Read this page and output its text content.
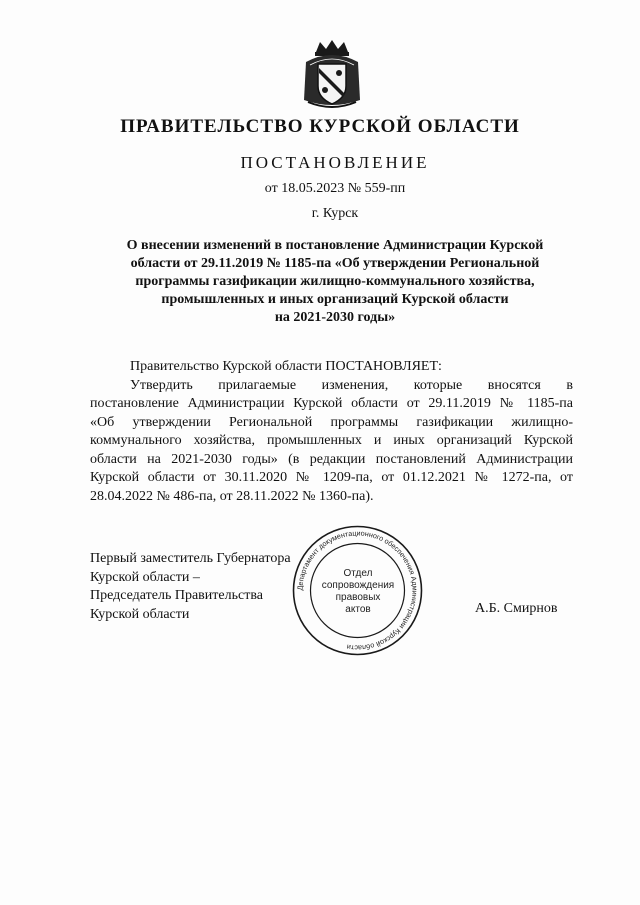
ПРАВИТЕЛЬСТВО КУРСКОЙ ОБЛАСТИ
ПОСТАНОВЛЕНИЕ
от 18.05.2023 № 559-пп
г. Курск
О внесении изменений в постановление Администрации Курской
области от 29.11.2019 № 1185-па «Об утверждении Региональной
программы газификации жилищно-коммунального хозяйства,
промышленных и иных организаций Курской области
на 2021-2030 годы»
Правительство Курской области ПОСТАНОВЛЯЕТ:
Утвердить прилагаемые изменения, которые вносятся в
постановление Администрации Курской области от 29.11.2019 № 1185-па
«Об утверждении Региональной программы газификации жилищно-
коммунального хозяйства, промышленных и иных организаций Курской
области на 2021-2030 годы» (в редакции постановлений Администрации
Курской области от 30.11.2020 № 1209-па, от 01.12.2021 № 1272-па, от
28.04.2022 № 486-па, от 28.11.2022 № 1360-па).
Первый заместитель Губернатора
Курской области –
Председатель Правительства
Курской области
Департамент документационного обеспечения Администрации Курской области
Отдел
сопровождения
правовых
актов	А.Б. Смирнов
